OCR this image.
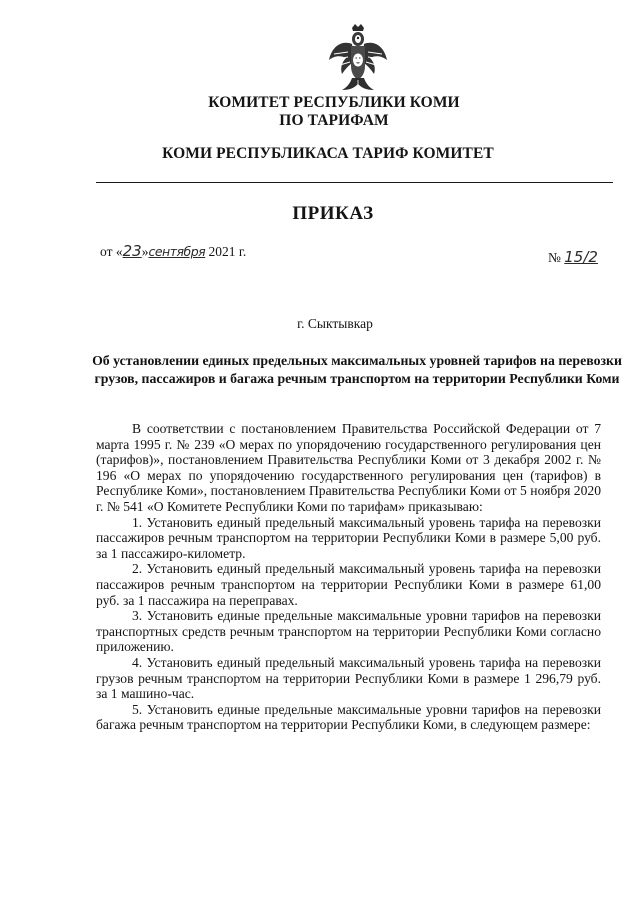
КОМИТЕТ РЕСПУБЛИКИ КОМИ
ПО ТАРИФАМ
КОМИ РЕСПУБЛИКАСА ТАРИФ КОМИТЕТ
ПРИКАЗ
от «23»сентября 2021 г.	№ 15/2
г. Сыктывкар
Об установлении единых предельных максимальных уровней тарифов на перевозки грузов, пассажиров и багажа речным транспортом на территории Республики Коми

В соответствии с постановлением Правительства Российской Федерации от 7 марта 1995 г. № 239 «О мерах по упорядочению государственного регулирования цен (тарифов)», постановлением Правительства Республики Коми от 3 декабря 2002 г. № 196 «О мерах по упорядочению государственного регулирования цен (тарифов) в Республике Коми», постановлением Правительства Республики Коми от 5 ноября 2020 г. № 541 «О Комитете Республики Коми по тарифам» приказываю:

1. Установить единый предельный максимальный уровень тарифа на перевозки пассажиров речным транспортом на территории Республики Коми в размере 5,00 руб. за 1 пассажиро-километр.

2. Установить единый предельный максимальный уровень тарифа на перевозки пассажиров речным транспортом на территории Республики Коми в размере 61,00 руб. за 1 пассажира на переправах.

3. Установить единые предельные максимальные уровни тарифов на перевозки транспортных средств речным транспортом на территории Республики Коми согласно приложению.

4. Установить единый предельный максимальный уровень тарифа на перевозки грузов речным транспортом на территории Республики Коми в размере 1 296,79 руб. за 1 машино-час.

5. Установить единые предельные максимальные уровни тарифов на перевозки багажа речным транспортом на территории Республики Коми, в следующем размере:
